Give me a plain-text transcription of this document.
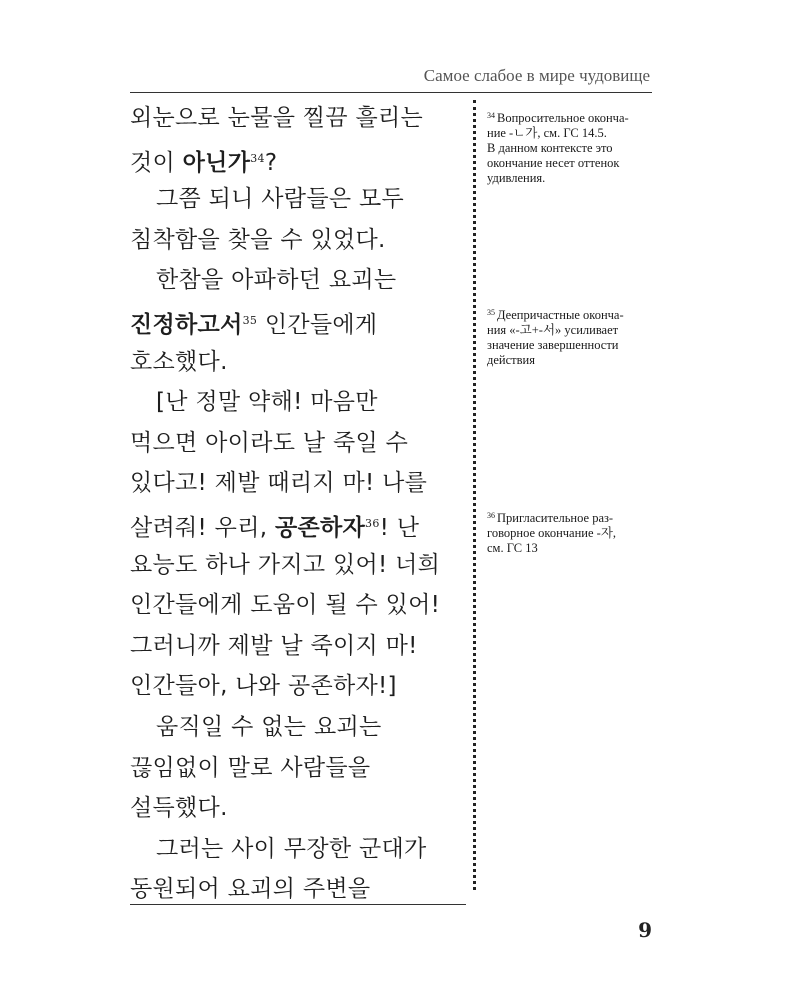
Самое слабое в мире чудовище
외눈으로 눈물을 찔끔 흘리는
것이 아닌가$^{34}$?
그쯤 되니 사람들은 모두
침착함을 찾을 수 있었다.
한참을 아파하던 요괴는
진정하고서$^{35}$ 인간들에게
호소했다.
[난 정말 약해! 마음만
먹으면 아이라도 날 죽일 수
있다고! 제발 때리지 마! 나를
살려줘! 우리, 공존하자$^{36}$! 난
요능도 하나 가지고 있어! 너희
인간들에게 도움이 될 수 있어!
그러니까 제발 날 죽이지 마!
인간들아, 나와 공존하자!]
움직일 수 없는 요괴는
끊임없이 말로 사람들을
설득했다.
그러는 사이 무장한 군대가
동원되어 요괴의 주변을
$^{34}$ Вопросительное оконча-
ние -ㄴ가, см. ГС 14.5.
В данном контексте это
окончание несет оттенок
удивления.
$^{35}$ Деепричастные оконча-
ния «-고+-서» усиливает
значение завершенности
действия
$^{36}$ Пригласительное раз-
говорное окончание -자,
см. ГС 13
9
